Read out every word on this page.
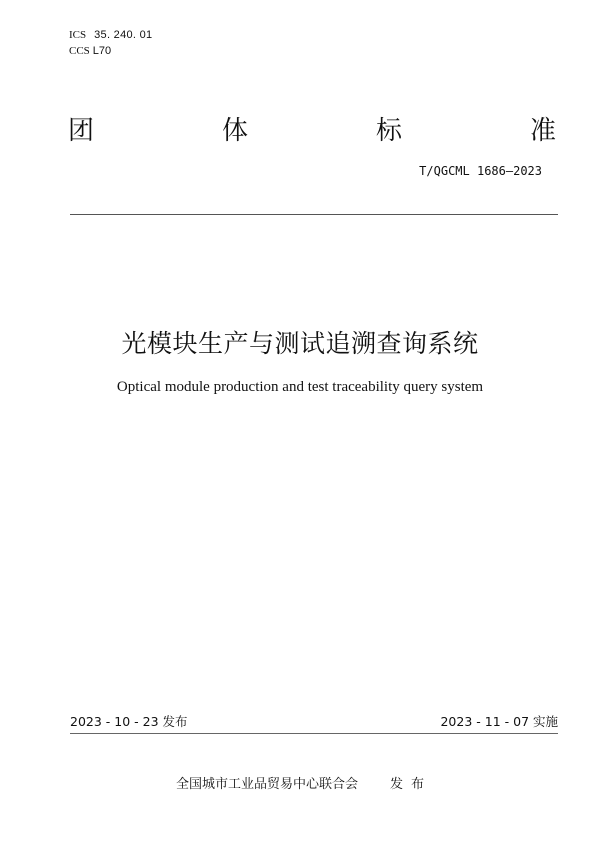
ICS 35. 240. 01
CCS L70
团	体	标	准
T/QGCML 1686—2023
光模块生产与测试追溯查询系统
Optical module production and test traceability query system
2023 - 10 - 23 发布	2023 - 11 - 07 实施
全国城市工业品贸易中心联合会 发布
